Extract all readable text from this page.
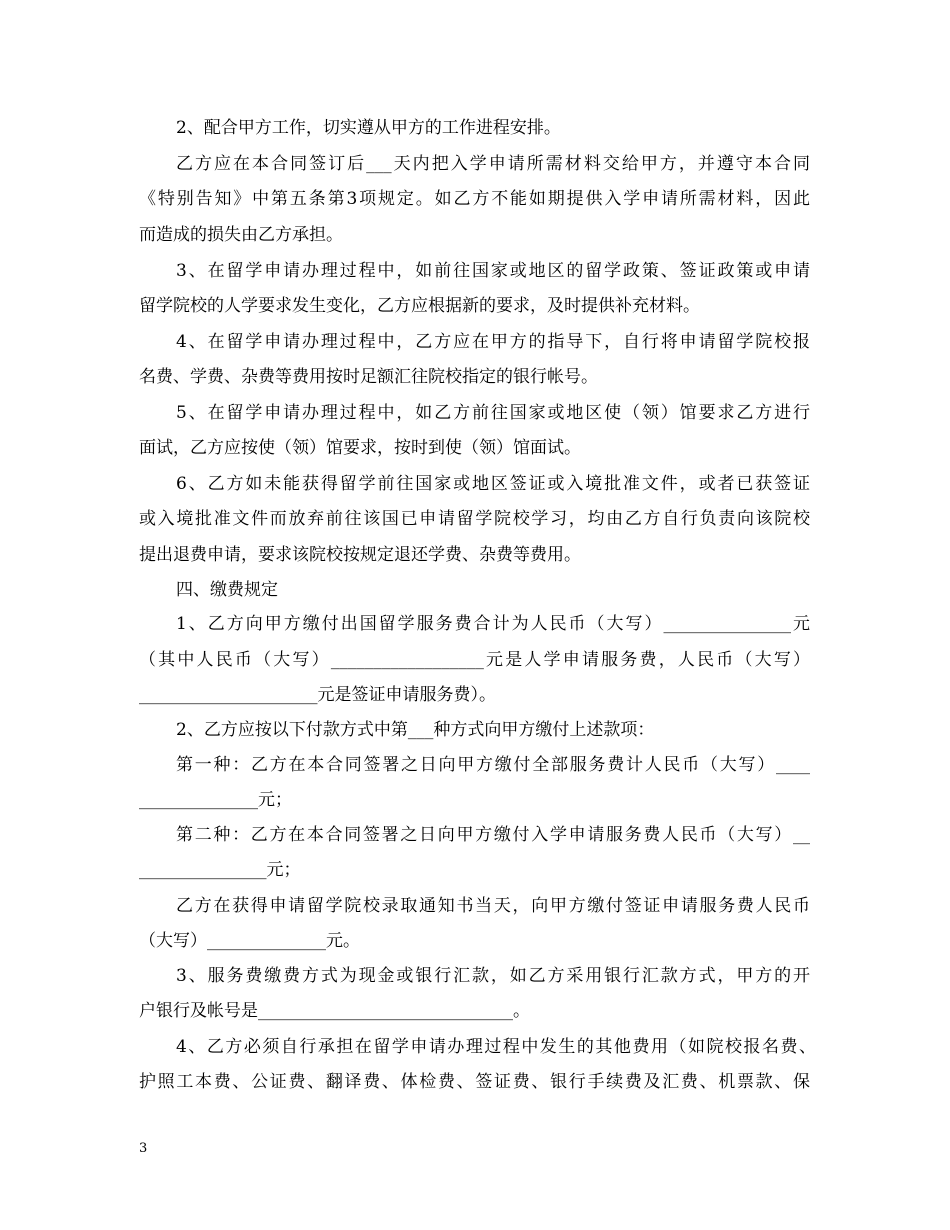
2、配合甲方工作，切实遵从甲方的工作进程安排。
乙方应在本合同签订后___天内把入学申请所需材料交给甲方，并遵守本合同
《特别告知》中第五条第3项规定。如乙方不能如期提供入学申请所需材料，因此
而造成的损失由乙方承担。
3、在留学申请办理过程中，如前往国家或地区的留学政策、签证政策或申请
留学院校的人学要求发生变化，乙方应根据新的要求，及时提供补充材料。
4、在留学申请办理过程中，乙方应在甲方的指导下，自行将申请留学院校报
名费、学费、杂费等费用按时足额汇往院校指定的银行帐号。
5、在留学申请办理过程中，如乙方前往国家或地区使（领）馆要求乙方进行
面试，乙方应按使（领）馆要求，按时到使（领）馆面试。
6、乙方如未能获得留学前往国家或地区签证或入境批准文件，或者已获签证
或入境批准文件而放弃前往该国已申请留学院校学习，均由乙方自行负责向该院校
提出退费申请，要求该院校按规定退还学费、杂费等费用。
四、缴费规定
1、乙方向甲方缴付出国留学服务费合计为人民币（大写）_______________元
（其中人民币（大写）__________________元是人学申请服务费，人民币（大写）
_____________________元是签证申请服务费）。
2、乙方应按以下付款方式中第___种方式向甲方缴付上述款项：
第一种：乙方在本合同签署之日向甲方缴付全部服务费计人民币（大写）____
______________元；
第二种：乙方在本合同签署之日向甲方缴付入学申请服务费人民币（大写）__
_______________元；
乙方在获得申请留学院校录取通知书当天，向甲方缴付签证申请服务费人民币
（大写）______________元。
3、服务费缴费方式为现金或银行汇款，如乙方采用银行汇款方式，甲方的开
户银行及帐号是______________________________。
4、乙方必须自行承担在留学申请办理过程中发生的其他费用（如院校报名费、
护照工本费、公证费、翻译费、体检费、签证费、银行手续费及汇费、机票款、保
3
